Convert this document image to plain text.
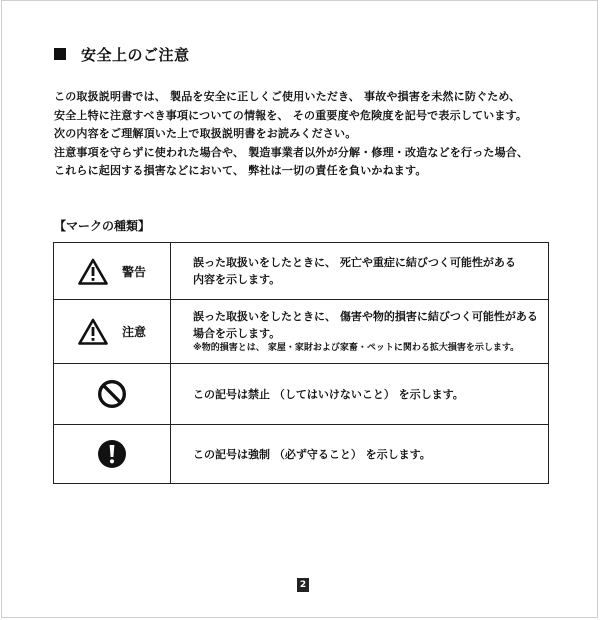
安全上のご注意
この取扱説明書では、 製品を安全に正しくご使用いただき、 事故や損害を未然に防ぐため、
安全上特に注意すべき事項についての情報を、 その重要度や危険度を記号で表示しています。
次の内容をご理解頂いた上で取扱説明書をお読みください。
注意事項を守らずに使われた場合や、 製造事業者以外が分解・修理・改造などを行った場合、
これらに起因する損害などにおいて、 弊社は一切の責任を負いかねます。
【マークの種類】
警告	誤った取扱いをしたときに、 死亡や重症に結びつく可能性がある
内容を示します。

注意	誤った取扱いをしたときに、 傷害や物的損害に結びつく可能性がある
場合を示します。
※物的損害とは、 家屋・家財および家畜・ペットに関わる拡大損害を示します。

この記号は禁止 （してはいけないこと） を示します。

この記号は強制 （必ず守ること） を示します。
2
